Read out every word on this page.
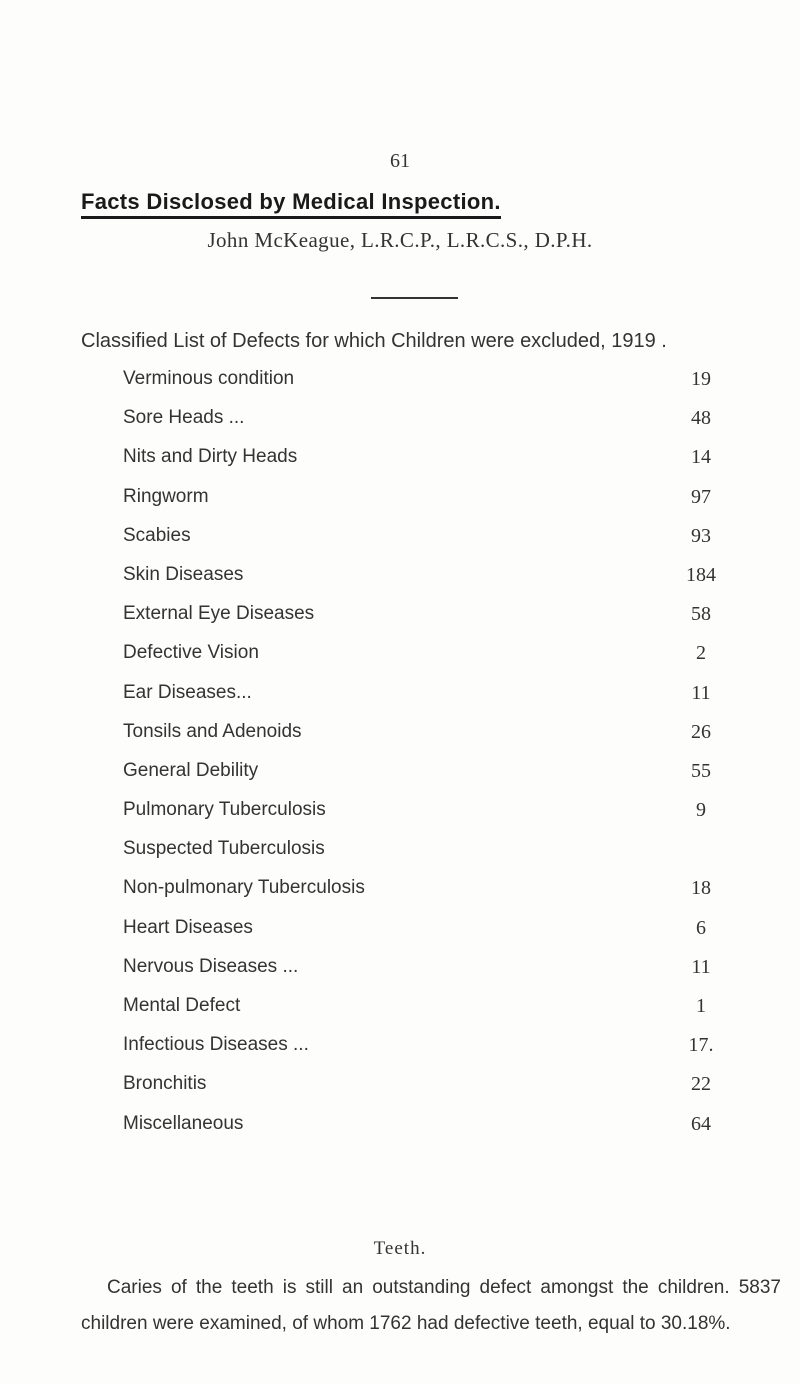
61
Facts Disclosed by Medical Inspection.
John McKeague, L.R.C.P., L.R.C.S., D.P.H.
Classified List of Defects for which Children were excluded, 1919 .
Verminous condition	19
Sore Heads ...	48
Nits and Dirty Heads	14
Ringworm	97
Scabies	93
Skin Diseases	184
External Eye Diseases	58
Defective Vision	2
Ear Diseases...	11
Tonsils and Adenoids	26
General Debility	55
Pulmonary Tuberculosis	9
Suspected Tuberculosis
Non-pulmonary Tuberculosis	18
Heart Diseases	6
Nervous Diseases ...	11
Mental Defect	1
Infectious Diseases ...	17.
Bronchitis	22
Miscellaneous	64
Teeth.

Caries of the teeth is still an outstanding defect amongst the children. 5837 children were examined, of whom 1762 had defective teeth, equal to 30.18%.
